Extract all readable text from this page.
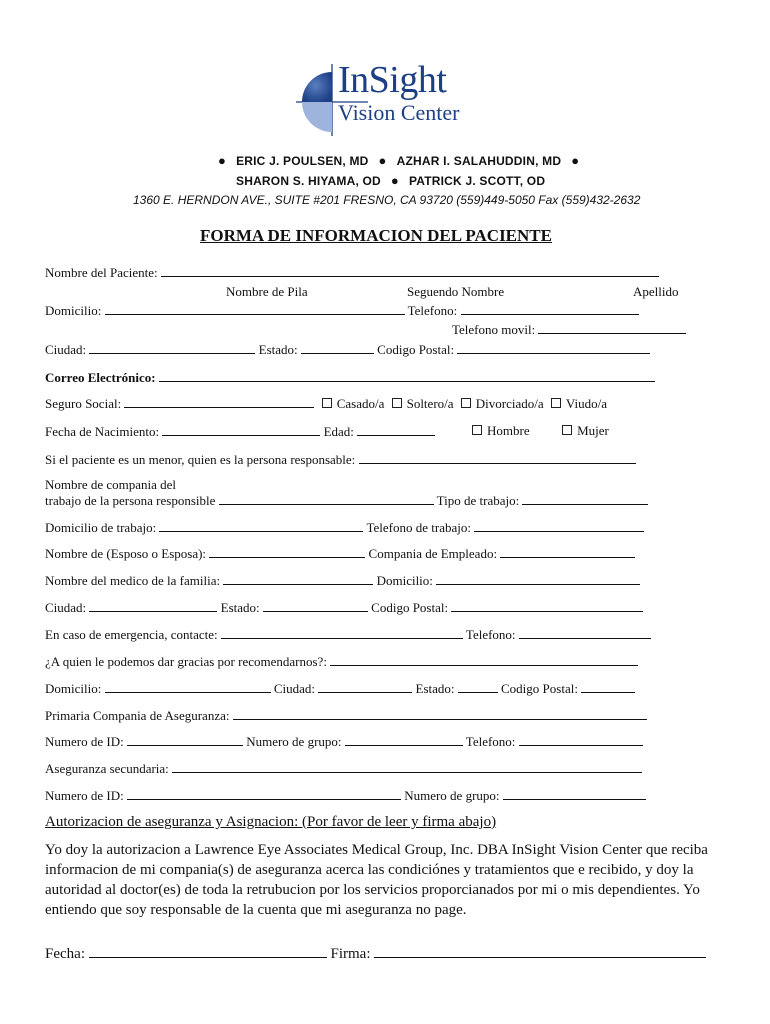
InSight
Vision Center
● ERIC J. POULSEN, MD ● AZHAR I. SALAHUDDIN, MD ●
SHARON S. HIYAMA, OD ● PATRICK J. SCOTT, OD
1360 E. HERNDON AVE., SUITE #201 FRESNO, CA 93720 (559)449-5050 Fax (559)432-2632
FORMA DE INFORMACION DEL PACIENTE
Nombre del Paciente:
Nombre de Pila	Seguendo Nombre	Apellido
Domicilio:	Telefono:
Telefono movil:
Ciudad:	Estado:	Codigo Postal:
Correo Electrónico:
Seguro Social:	Casado/a Soltero/a Divorciado/a Viudo/a
Fecha de Nacimiento:	Edad:	Hombre	Mujer
Si el paciente es un menor, quien es la persona responsable:
Nombre de compania del
trabajo de la persona responsible	Tipo de trabajo:
Domicilio de trabajo:	Telefono de trabajo:
Nombre de (Esposo o Esposa):	Compania de Empleado:
Nombre del medico de la familia:	Domicilio:
Ciudad:	Estado:	Codigo Postal:
En caso de emergencia, contacte:	Telefono:
¿A quien le podemos dar gracias por recomendarnos?:
Domicilio:	Ciudad:	Estado:	Codigo Postal:
Primaria Compania de Aseguranza:
Numero de ID:	Numero de grupo:	Telefono:
Aseguranza secundaria:
Numero de ID:	Numero de grupo:
Autorizacion de aseguranza y Asignacion: (Por favor de leer y firma abajo)
Yo doy la autorizacion a Lawrence Eye Associates Medical Group, Inc. DBA InSight Vision Center que reciba
informacion de mi compania(s) de aseguranza acerca las condiciónes y tratamientos que e recibido, y doy la
autoridad al doctor(es) de toda la retrubucion por los servicios proporcianados por mi o mis dependientes. Yo
entiendo que soy responsable de la cuenta que mi aseguranza no page.
Fecha:	Firma:
